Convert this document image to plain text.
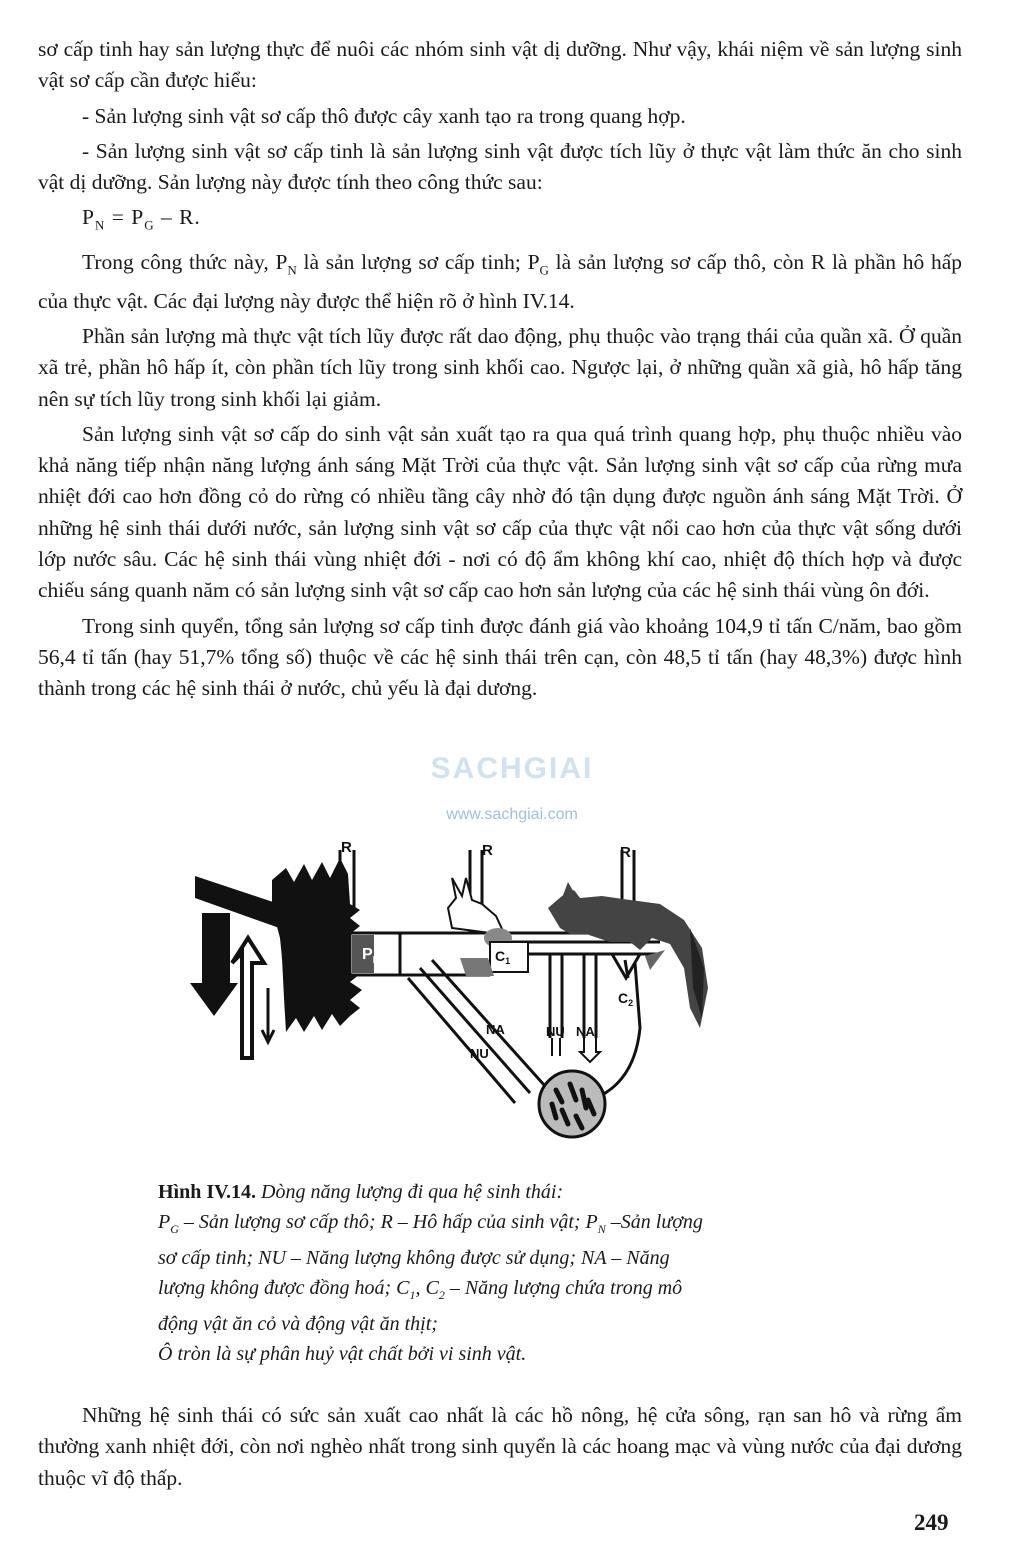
sơ cấp tinh hay sản lượng thực để nuôi các nhóm sinh vật dị dưỡng. Như vậy, khái niệm về sản lượng sinh vật sơ cấp cần được hiểu:

- Sản lượng sinh vật sơ cấp thô được cây xanh tạo ra trong quang hợp.

- Sản lượng sinh vật sơ cấp tinh là sản lượng sinh vật được tích lũy ở thực vật làm thức ăn cho sinh vật dị dưỡng. Sản lượng này được tính theo công thức sau:

$P_N = P_G - R$.

Trong công thức này, $P_N$ là sản lượng sơ cấp tinh; $P_G$ là sản lượng sơ cấp thô, còn R là phần hô hấp của thực vật. Các đại lượng này được thể hiện rõ ở hình IV.14.

Phần sản lượng mà thực vật tích lũy được rất dao động, phụ thuộc vào trạng thái của quần xã. Ở quần xã trẻ, phần hô hấp ít, còn phần tích lũy trong sinh khối cao. Ngược lại, ở những quần xã già, hô hấp tăng nên sự tích lũy trong sinh khối lại giảm.

Sản lượng sinh vật sơ cấp do sinh vật sản xuất tạo ra qua quá trình quang hợp, phụ thuộc nhiều vào khả năng tiếp nhận năng lượng ánh sáng Mặt Trời của thực vật. Sản lượng sinh vật sơ cấp của rừng mưa nhiệt đới cao hơn đồng cỏ do rừng có nhiều tầng cây nhờ đó tận dụng được nguồn ánh sáng Mặt Trời. Ở những hệ sinh thái dưới nước, sản lượng sinh vật sơ cấp của thực vật nổi cao hơn của thực vật sống dưới lớp nước sâu. Các hệ sinh thái vùng nhiệt đới - nơi có độ ẩm không khí cao, nhiệt độ thích hợp và được chiếu sáng quanh năm có sản lượng sinh vật sơ cấp cao hơn sản lượng của các hệ sinh thái vùng ôn đới.

Trong sinh quyển, tổng sản lượng sơ cấp tinh được đánh giá vào khoảng 104,9 tỉ tấn C/năm, bao gồm 56,4 tỉ tấn (hay 51,7% tổng số) thuộc về các hệ sinh thái trên cạn, còn 48,5 tỉ tấn (hay 48,3%) được hình thành trong các hệ sinh thái ở nước, chủ yếu là đại dương.

SACHGIAI
www.sachgiai.com
R	R	R
$\to P_G$	$P_N$	$C_1$
$C_2$
NA
NU
NU NA
Hình IV.14. Dòng năng lượng đi qua hệ sinh thái:
$P_G$ – Sản lượng sơ cấp thô; R – Hô hấp của sinh vật; $P_N$ –Sản lượng
sơ cấp tinh; NU – Năng lượng không được sử dụng; NA – Năng
lượng không được đồng hoá; $C_1$, $C_2$ – Năng lượng chứa trong mô
động vật ăn cỏ và động vật ăn thịt;
Ô tròn là sự phân huỷ vật chất bởi vi sinh vật.

Những hệ sinh thái có sức sản xuất cao nhất là các hồ nông, hệ cửa sông, rạn san hô và rừng ẩm thường xanh nhiệt đới, còn nơi nghèo nhất trong sinh quyển là các hoang mạc và vùng nước của đại dương thuộc vĩ độ thấp.

249
